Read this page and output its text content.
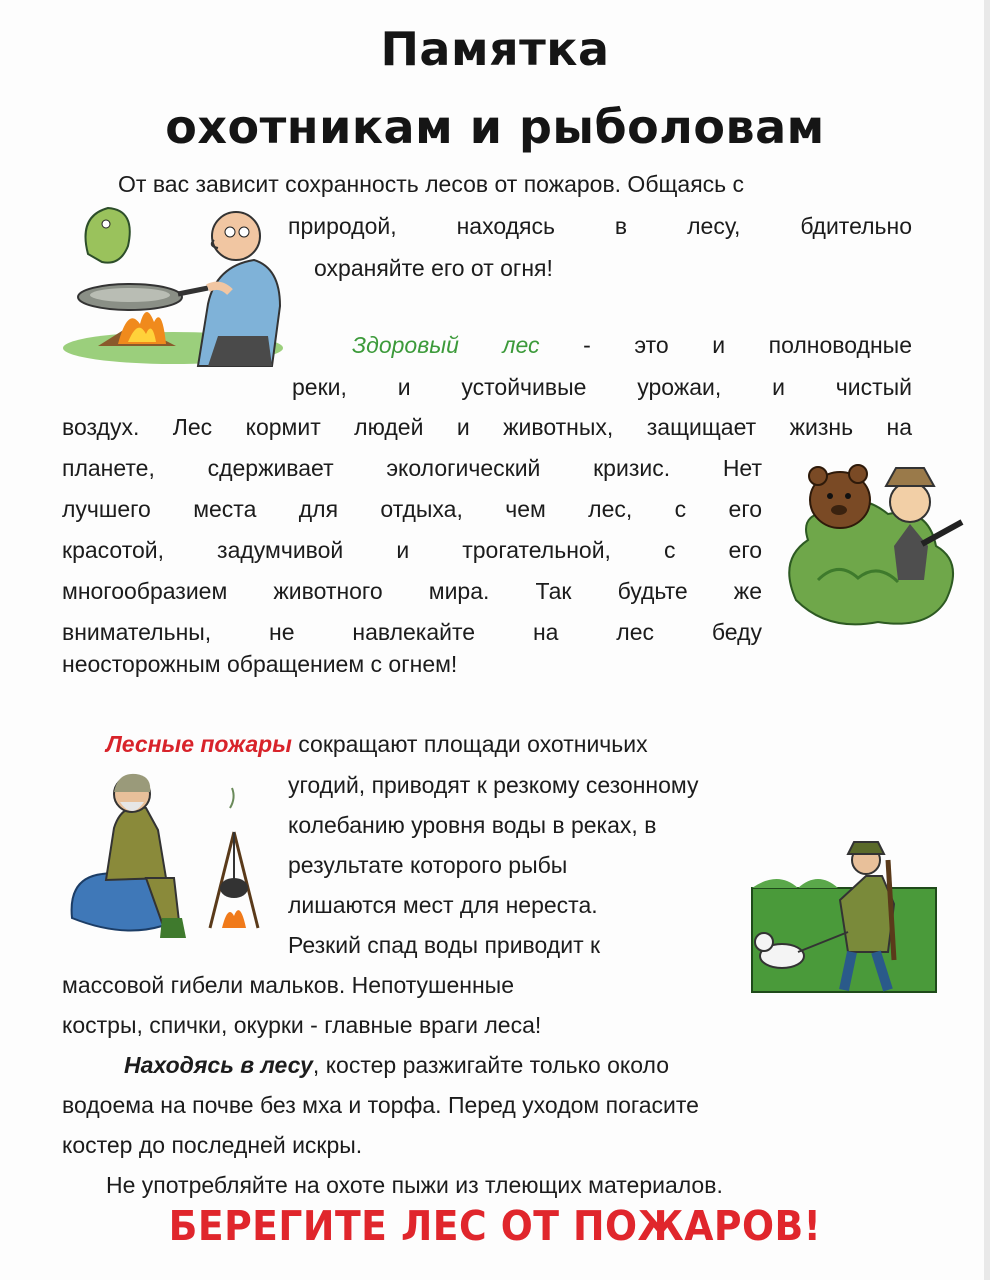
Памятка
охотникам и рыболовам
От вас зависит сохранность лесов от пожаров. Общаясь с
природой, находясь в лесу, бдительно
охраняйте его от огня!
Здоровый лес - это и полноводные
реки, и устойчивые урожаи, и чистый
воздух. Лес кормит людей и животных, защищает жизнь на
планете, сдерживает экологический кризис. Нет
лучшего места для отдыха, чем лес, с его
красотой, задумчивой и трогательной, с его
многообразием животного мира. Так будьте же
внимательны, не навлекайте на лес беду
неосторожным обращением с огнем!
Лесные пожары сокращают площади охотничьих
угодий, приводят к резкому сезонному
колебанию уровня воды в реках, в
результате которого рыбы
лишаются мест для нереста.
Резкий спад воды приводит к
массовой гибели мальков. Непотушенные
костры, спички, окурки - главные враги леса!
Находясь в лесу, костер разжигайте только около
водоема на почве без мха и торфа. Перед уходом погасите
костер до последней искры.
Не употребляйте на охоте пыжи из тлеющих материалов.
БЕРЕГИТЕ ЛЕС ОТ ПОЖАРОВ!
